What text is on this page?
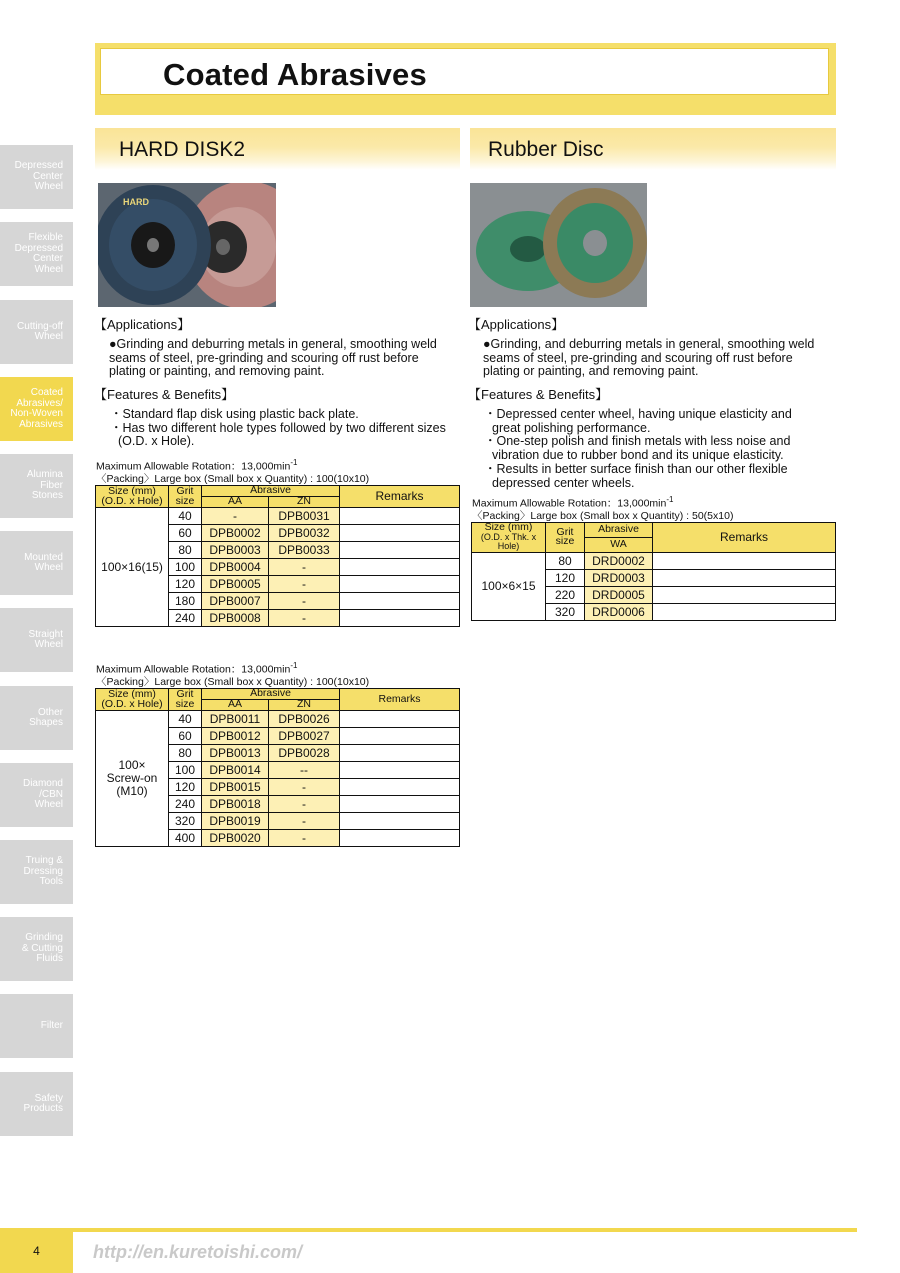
Depressed
Center
Wheel
Flexible
Depressed
Center
Wheel
Cutting-off
Wheel
Coated
Abrasives/
Non-Woven
Abrasives
Alumina
Fiber
Stones
Mounted
Wheel
Straight
Wheel
Other
Shapes
Diamond
/CBN
Wheel
Truing &
Dressing
Tools
Grinding
& Cutting
Fluids
Filter
Safety
Products
Coated Abrasives
HARD DISK2
HARD
【Applications】
●Grinding and deburring metals in general, smoothing weld seams of steel, pre-grinding and scouring off rust before plating or painting, and removing paint.
【Features & Benefits】
・Standard flap disk using plastic back plate.
・Has two different hole types followed by two different sizes (O.D. x Hole).
Maximum Allowable Rotation：$13,000\min^{-1}$
〈Packing〉Large box (Small box x Quantity) : 100(10x10)
Size (mm)
(O.D. x Hole)	Grit
size	Abrasive		Remarks
		AA	ZN	
100×16(15)	40	-	DPB0031	
	60	DPB0002	DPB0032	
	80	DPB0003	DPB0033	
	100	DPB0004	-	
	120	DPB0005	-	
	180	DPB0007	-	
	240	DPB0008	-	
Maximum Allowable Rotation：$13,000\min^{-1}$
〈Packing〉Large box (Small box x Quantity) : 100(10x10)
Size (mm)
(O.D. x Hole)	Grit
size	Abrasive		Remarks
		AA	ZN	
100×
Screw-on
(M10)	40	DPB0011	DPB0026	
	60	DPB0012	DPB0027	
	80	DPB0013	DPB0028	
	100	DPB0014	--	
	120	DPB0015	-	
	240	DPB0018	-	
	320	DPB0019	-	
	400	DPB0020	-	
Rubber Disc
【Applications】
●Grinding, and deburring metals in general, smoothing weld seams of steel, pre-grinding and scouring off rust before plating or painting, and removing paint.
【Features & Benefits】
・Depressed center wheel, having unique elasticity and great polishing performance.
・One-step polish and finish metals with less noise and vibration due to rubber bond and its unique elasticity.
・Results in better surface finish than our other flexible depressed center wheels.
Maximum Allowable Rotation：$13,000\min^{-1}$
〈Packing〉Large box (Small box x Quantity) : 50(5x10)
Size (mm)
(O.D. x Thk. x Hole)	Grit
size	Abrasive	Remarks
		WA	
100×6×15	80	DRD0002	
	120	DRD0003	
	220	DRD0005	
	320	DRD0006	
4	http://en.kuretoishi.com/
